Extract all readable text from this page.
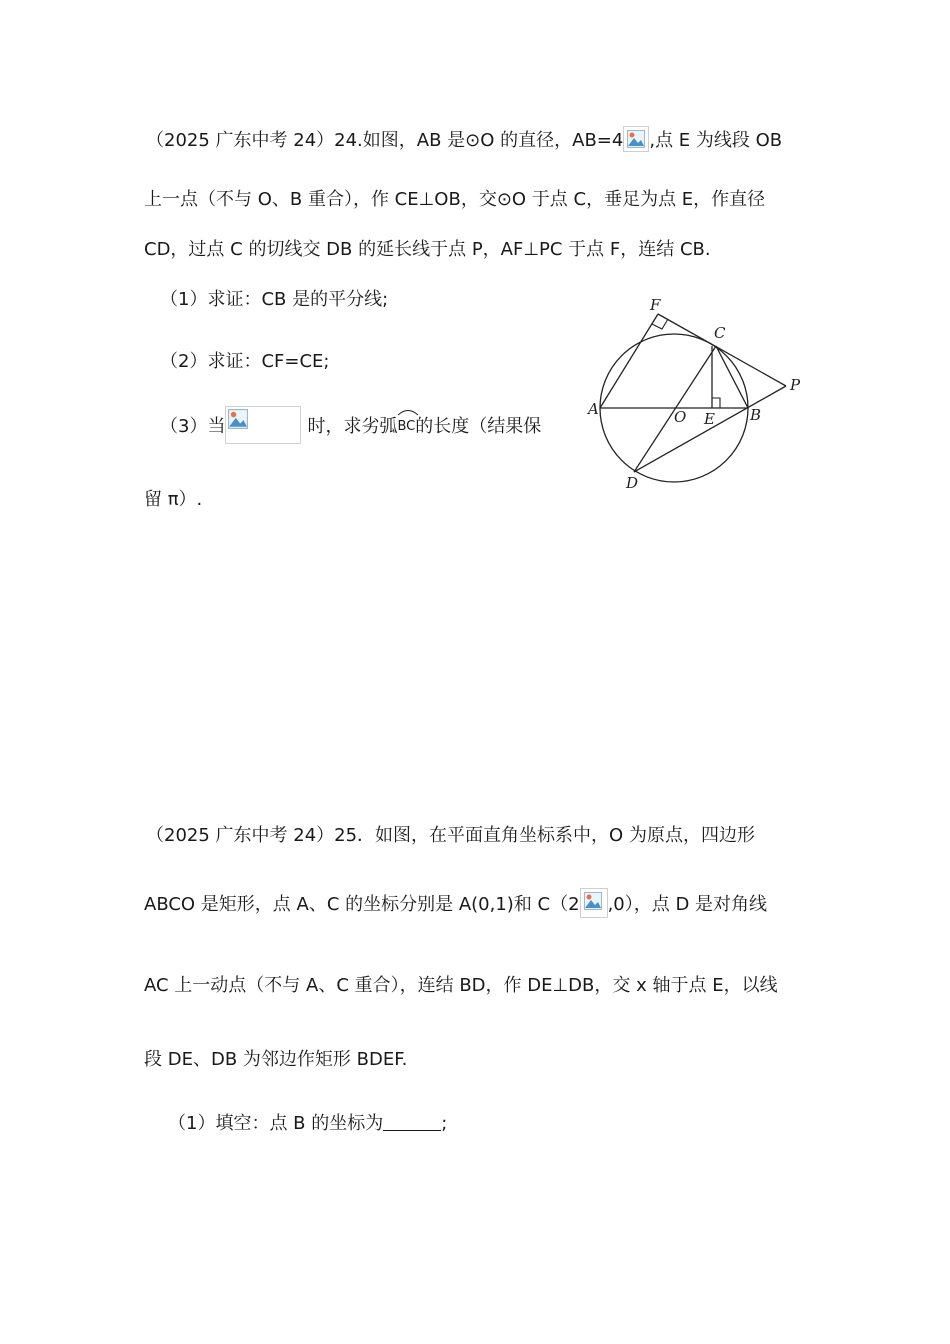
（2025 广东中考 24）24.如图，AB 是⊙O 的直径，AB=4 ,点 E 为线段 OB
上一点（不与 O、B 重合），作 CE⊥OB，交⊙O 于点 C，垂足为点 E，作直径
CD，过点 C 的切线交 DB 的延长线于点 P，AF⊥PC 于点 F，连结 CB.
（1）求证：CB 是的平分线;
（2）求证：CF=CE;
（3）当	时，求劣弧
BC的长度（结果保
留 π）.
F
C
P
A	O E B
D
（2025 广东中考 24）25．如图，在平面直角坐标系中，O 为原点，四边形
ABCO 是矩形，点 A、C 的坐标分别是 A(0,1)和 C（2 ,0），点 D 是对角线
AC 上一动点（不与 A、C 重合），连结 BD，作 DE⊥DB，交 x 轴于点 E，以线
段 DE、DB 为邻边作矩形 BDEF.
（1）填空：点 B 的坐标为	;
